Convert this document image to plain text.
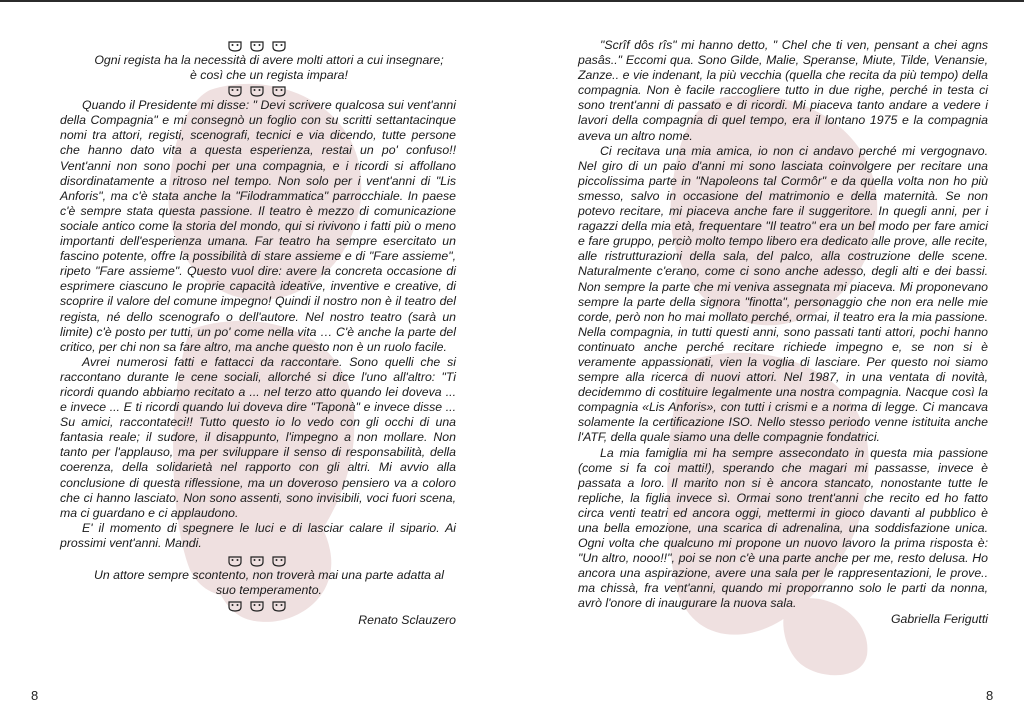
Ogni regista ha la necessità di avere molti attori a cui insegnare;

è così che un regista impara!

Quando il Presidente mi disse: " Devi scrivere qualcosa sui vent'anni della Compagnia" e mi consegnò un foglio con su scritti settantacinque nomi tra attori, registi, scenografi, tecnici e via dicendo, tutte persone che hanno dato vita a questa esperienza, restai un po' confuso!! Vent'anni non sono pochi per una compagnia, e i ricordi si affollano disordinatamente a ritroso nel tempo. Non solo per i vent'anni di "Lis Anforis", ma c'è stata anche la "Filodrammatica" parrocchiale. In paese c'è sempre stata questa passione. Il teatro è mezzo di comunicazione sociale antico come la storia del mondo, qui si rivivono i fatti più o meno importanti dell'esperienza umana. Far teatro ha sempre esercitato un fascino potente, offre la possibilità di stare assieme e di "Fare assieme", ripeto "Fare assieme". Questo vuol dire: avere la concreta occasione di esprimere ciascuno le proprie capacità ideative, inventive e creative, di scoprire il valore del comune impegno! Quindi il nostro non è il teatro del regista, né dello scenografo o dell'autore. Nel nostro teatro (sarà un limite) c'è posto per tutti, un po' come nella vita … C'è anche la parte del critico, per chi non sa fare altro, ma anche questo non è un ruolo facile.

Avrei numerosi fatti e fattacci da raccontare. Sono quelli che si raccontano durante le cene sociali, allorché si dice l'uno all'altro: "Ti ricordi quando abbiamo recitato a ... nel terzo atto quando lei doveva ... e invece ... E ti ricordi quando lui doveva dire "Taponà" e invece disse ... Su amici, raccontateci!! Tutto questo io lo vedo con gli occhi di una fantasia reale; il sudore, il disappunto, l'impegno a non mollare. Non tanto per l'applauso, ma per sviluppare il senso di responsabilità, della coerenza, della solidarietà nel rapporto con gli altri. Mi avvio alla conclusione di questa riflessione, ma un doveroso pensiero va a coloro che ci hanno lasciato. Non sono assenti, sono invisibili, voci fuori scena, ma ci guardano e ci applaudono.

E' il momento di spegnere le luci e di lasciar calare il sipario. Ai prossimi vent'anni. Mandi.

Un attore sempre scontento, non troverà mai una parte adatta al

suo temperamento.

Renato Sclauzero

8

"Scrîf dôs rîs" mi hanno detto, " Chel che ti ven, pensant a chei agns pasâs.." Eccomi qua. Sono Gilde, Malie, Speranse, Miute, Tilde, Venansie, Zanze.. e vie indenant, la più vecchia (quella che recita da più tempo) della compagnia. Non è facile raccogliere tutto in due righe, perché in testa ci sono trent'anni di passato e di ricordi. Mi piaceva tanto andare a vedere i lavori della compagnia di quel tempo, era il lontano 1975 e la compagnia aveva un altro nome.

Ci recitava una mia amica, io non ci andavo perché mi vergognavo. Nel giro di un paio d'anni mi sono lasciata coinvolgere per recitare una piccolissima parte in "Napoleons tal Cormôr" e da quella volta non ho più smesso, salvo in occasione del matrimonio e della maternità. Se non potevo recitare, mi piaceva anche fare il suggeritore. In quegli anni, per i ragazzi della mia età, frequentare "Il teatro" era un bel modo per fare amici e fare gruppo, perciò molto tempo libero era dedicato alle prove, alle recite, alle ristrutturazioni della sala, del palco, alla costruzione delle scene. Naturalmente c'erano, come ci sono anche adesso, degli alti e dei bassi. Non sempre la parte che mi veniva assegnata mi piaceva. Mi proponevano sempre la parte della signora "finotta", personaggio che non era nelle mie corde, però non ho mai mollato perché, ormai, il teatro era la mia passione. Nella compagnia, in tutti questi anni, sono passati tanti attori, pochi hanno continuato anche perché recitare richiede impegno e, se non si è veramente appassionati, vien la voglia di lasciare. Per questo noi siamo sempre alla ricerca di nuovi attori. Nel 1987, in una ventata di novità, decidemmo di costituire legalmente una nostra compagnia. Nacque così la compagnia «Lis Anforis», con tutti i crismi e a norma di legge. Ci mancava solamente la certificazione ISO. Nello stesso periodo venne istituita anche l'ATF, della quale siamo una delle compagnie fondatrici.

La mia famiglia mi ha sempre assecondato in questa mia passione (come si fa coi matti!), sperando che magari mi passasse, invece è passata a loro. Il marito non si è ancora stancato, nonostante tutte le repliche, la figlia invece sì. Ormai sono trent'anni che recito ed ho fatto circa venti teatri ed ancora oggi, mettermi in gioco davanti al pubblico è una bella emozione, una scarica di adrenalina, una soddisfazione unica. Ogni volta che qualcuno mi propone un nuovo lavoro la prima risposta è: "Un altro, nooo!!", poi se non c'è una parte anche per me, resto delusa. Ho ancora una aspirazione, avere una sala per le rappresentazioni, le prove.. ma chissà, fra vent'anni, quando mi proporranno solo le parti da nonna, avrò l'onore di inaugurare la nuova sala.

Gabriella Ferigutti

8
